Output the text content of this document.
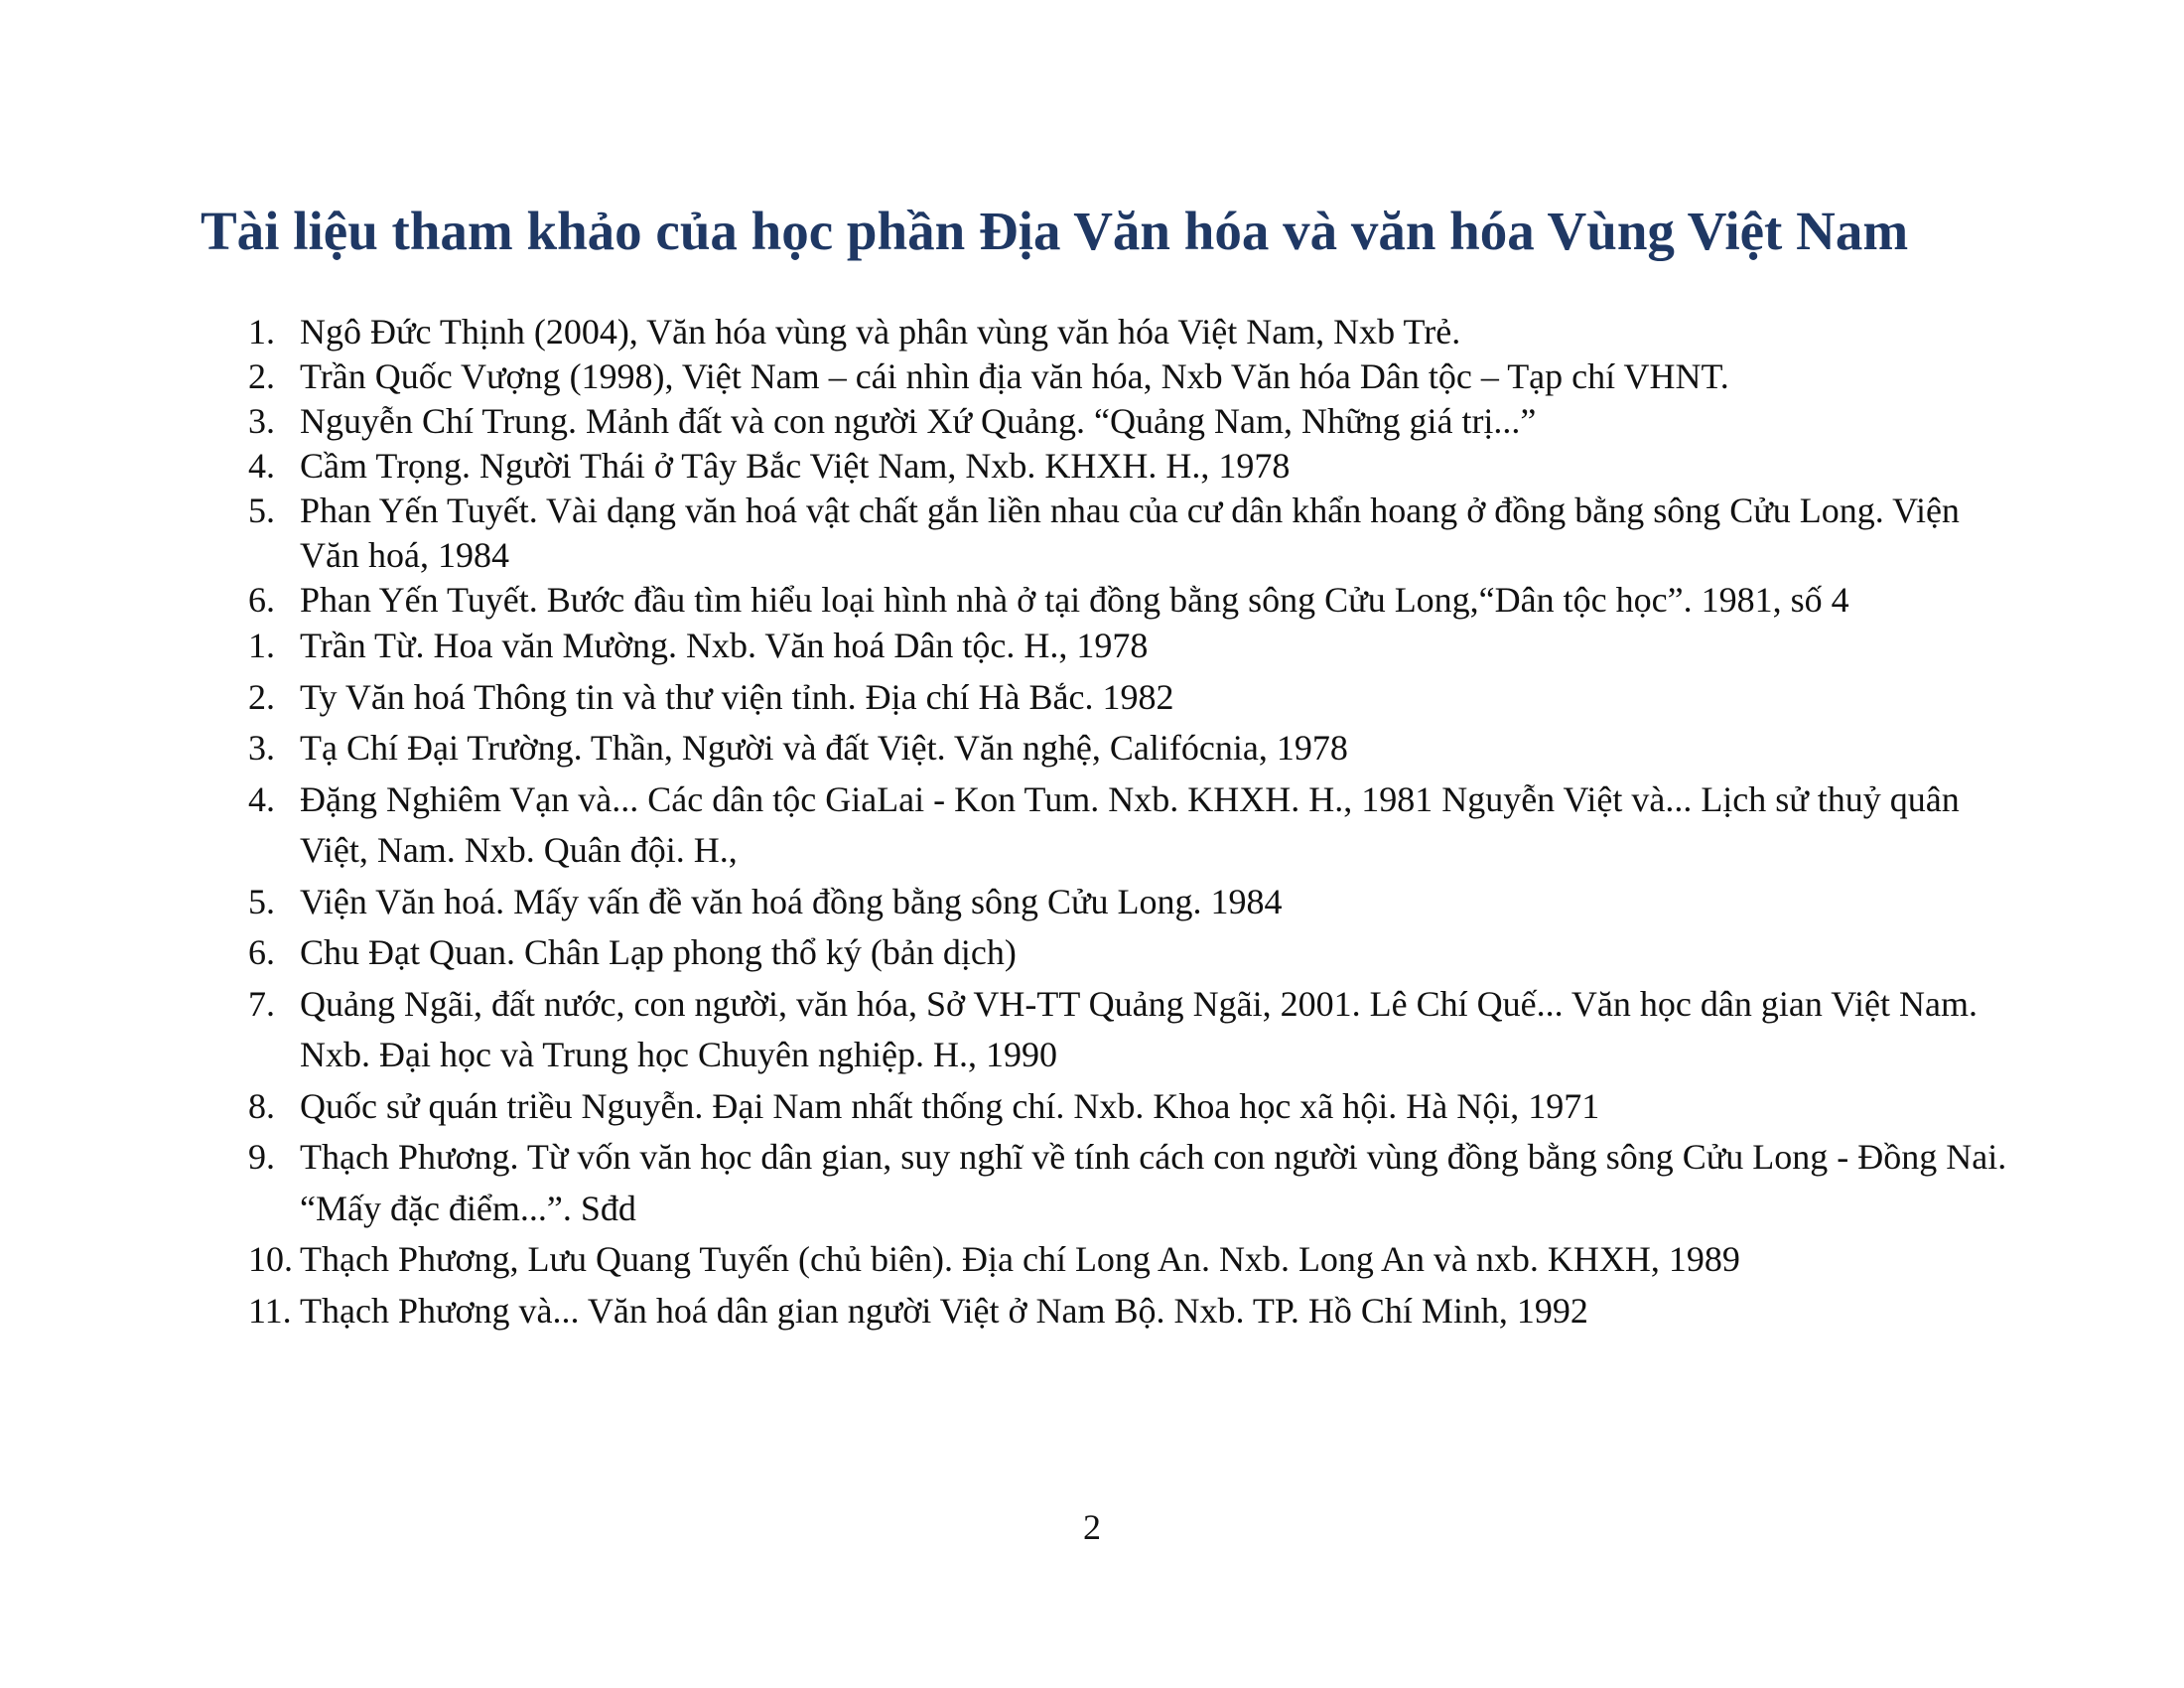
Tài liệu tham khảo của học phần Địa Văn hóa và văn hóa Vùng Việt Nam
1. Ngô Đức Thịnh (2004), Văn hóa vùng và phân vùng văn hóa Việt Nam, Nxb Trẻ.
2. Trần Quốc Vượng (1998), Việt Nam – cái nhìn địa văn hóa, Nxb Văn hóa Dân tộc – Tạp chí VHNT.
3. Nguyễn Chí Trung. Mảnh đất và con người Xứ Quảng. “Quảng Nam, Những giá trị...”
4. Cầm Trọng. Người Thái ở Tây Bắc Việt Nam, Nxb. KHXH. H., 1978
5. Phan Yến Tuyết. Vài dạng văn hoá vật chất gắn liền nhau của cư dân khẩn hoang ở đồng bằng sông Cửu Long. Viện Văn hoá, 1984
6. Phan Yến Tuyết. Bước đầu tìm hiểu loại hình nhà ở tại đồng bằng sông Cửu Long,“Dân tộc học”. 1981, số 4
1. Trần Từ. Hoa văn Mường. Nxb. Văn hoá Dân tộc. H., 1978
2. Ty Văn hoá Thông tin và thư viện tỉnh. Địa chí Hà Bắc. 1982
3. Tạ Chí Đại Trường. Thần, Người và đất Việt. Văn nghệ, Califócnia, 1978
4. Đặng Nghiêm Vạn và... Các dân tộc GiaLai - Kon Tum. Nxb. KHXH. H., 1981 Nguyễn Việt và... Lịch sử thuỷ quân Việt, Nam. Nxb. Quân đội. H.,
5. Viện Văn hoá. Mấy vấn đề văn hoá đồng bằng sông Cửu Long. 1984
6. Chu Đạt Quan. Chân Lạp phong thổ ký (bản dịch)
7. Quảng Ngãi, đất nước, con người, văn hóa, Sở VH-TT Quảng Ngãi, 2001. Lê Chí Quế... Văn học dân gian Việt Nam. Nxb. Đại học và Trung học Chuyên nghiệp. H., 1990
8. Quốc sử quán triều Nguyễn. Đại Nam nhất thống chí. Nxb. Khoa học xã hội. Hà Nội, 1971
9. Thạch Phương. Từ vốn văn học dân gian, suy nghĩ về tính cách con người vùng đồng bằng sông Cửu Long - Đồng Nai. “Mấy đặc điểm...”. Sđd
10. Thạch Phương, Lưu Quang Tuyến (chủ biên). Địa chí Long An. Nxb. Long An và nxb. KHXH, 1989
11. Thạch Phương và... Văn hoá dân gian người Việt ở Nam Bộ. Nxb. TP. Hồ Chí Minh, 1992
2
